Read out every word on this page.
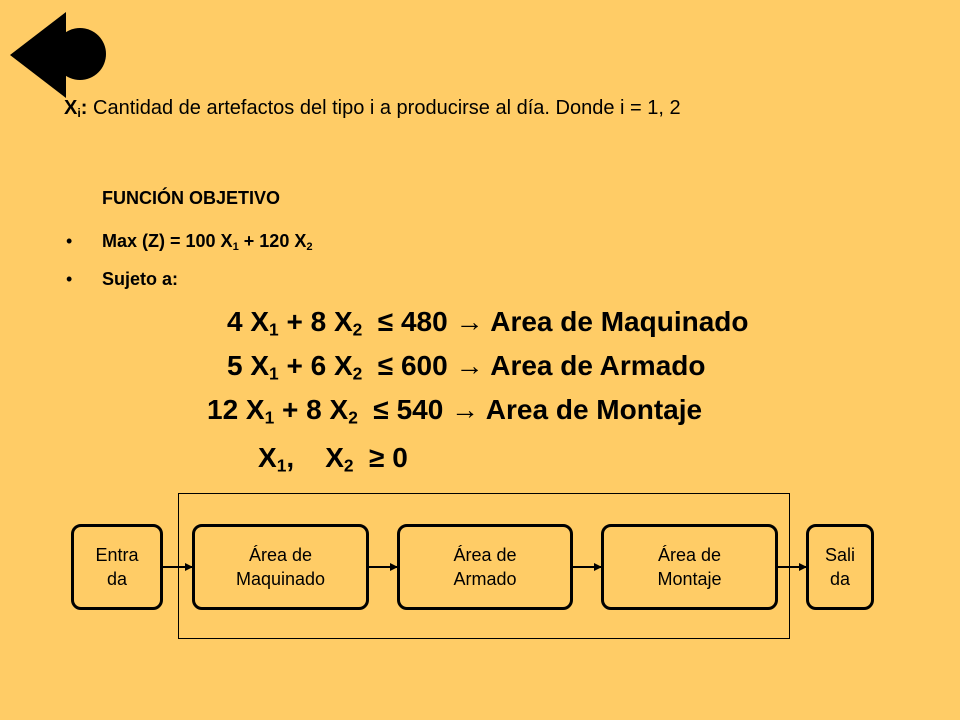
$X_i$: Cantidad de artefactos del tipo i a producirse al día. Donde i = 1, 2
FUNCIÓN OBJETIVO
• Max (Z) = 100 $X_1 + 120$ $X_2$
• Sujeto a:
4 $X_1 + 8$ $X_2 \le 480$ → Area de Maquinado
5 $X_1 + 6$ $X_2 \le 600$ → Area de Armado
12 $X_1 + 8$ $X_2 \le 540$ → Area de Montaje
$X_1$,    $X_2 \ge 0$
Entra
da
Área de
Maquinado
Área de
Armado
Área de
Montaje
Sali
da
